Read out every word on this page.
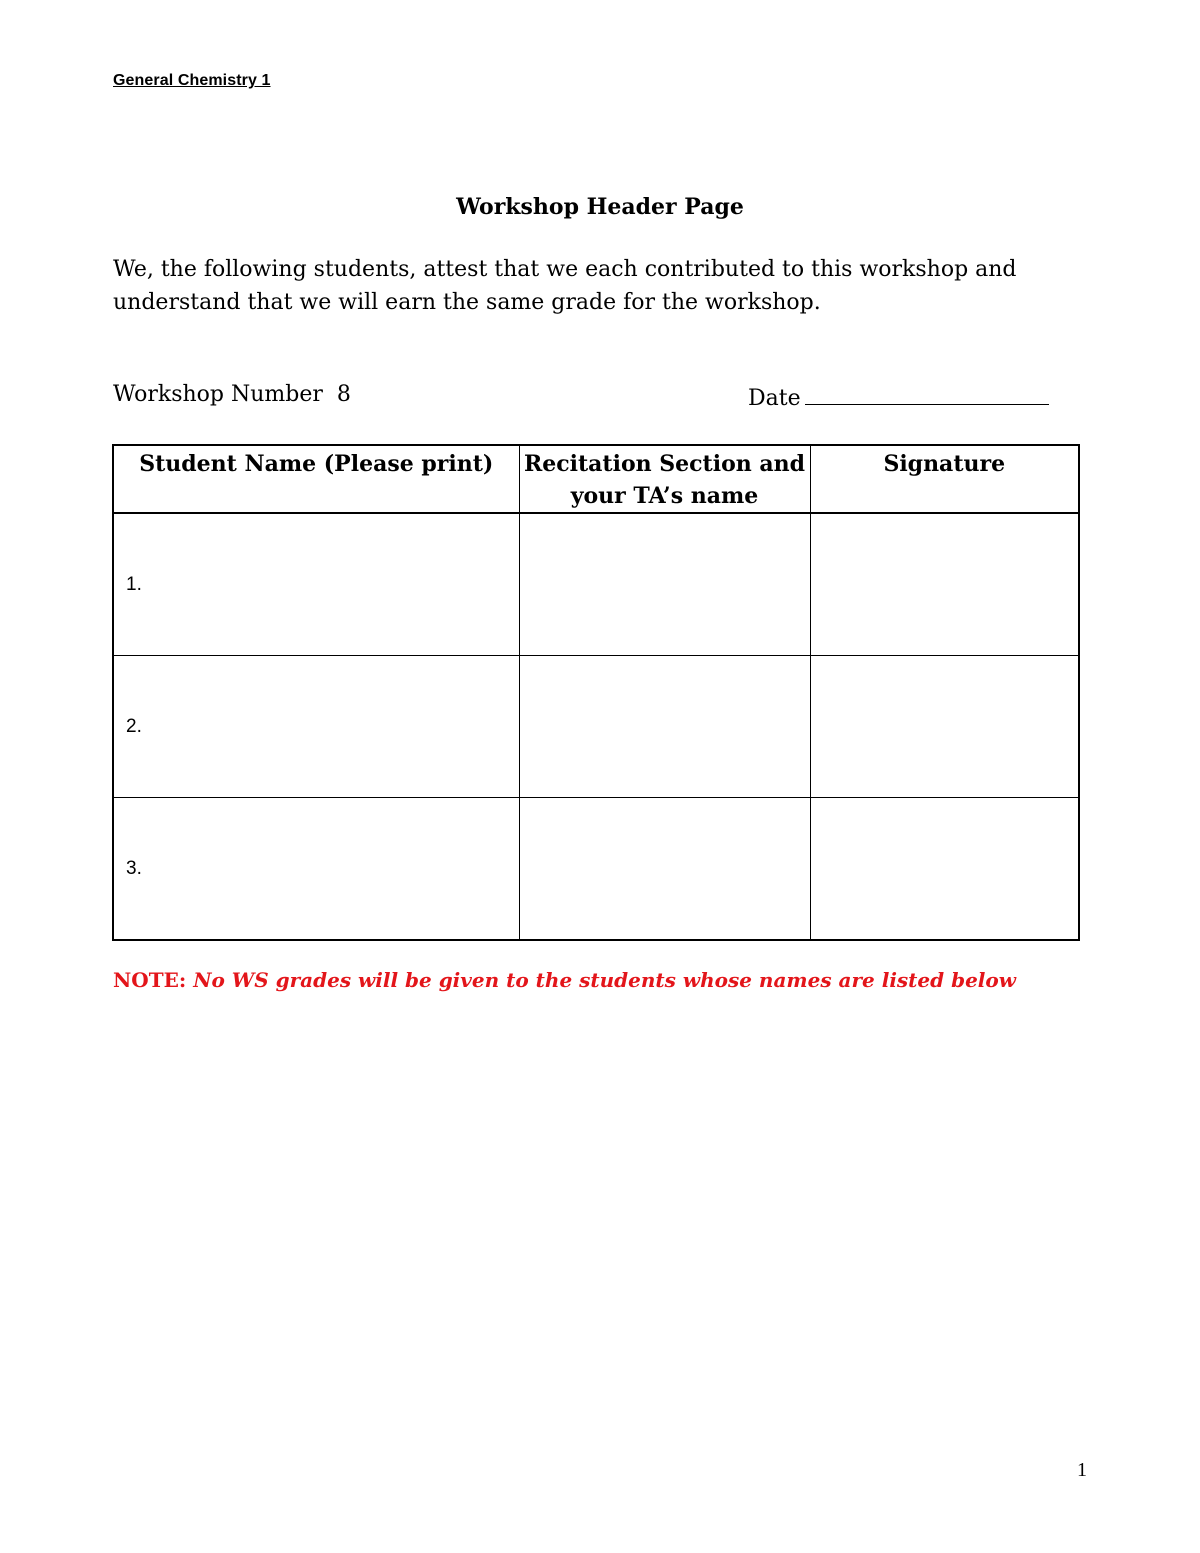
General Chemistry 1
Workshop Header Page

We, the following students, attest that we each contributed to this workshop and understand that we will earn the same grade for the workshop.

Workshop Number 8	Date
Student Name (Please print)	Recitation Section and your TA’s name	Signature
1.		
2.		
3.		
NOTE: No WS grades will be given to the students whose names are listed below
1
